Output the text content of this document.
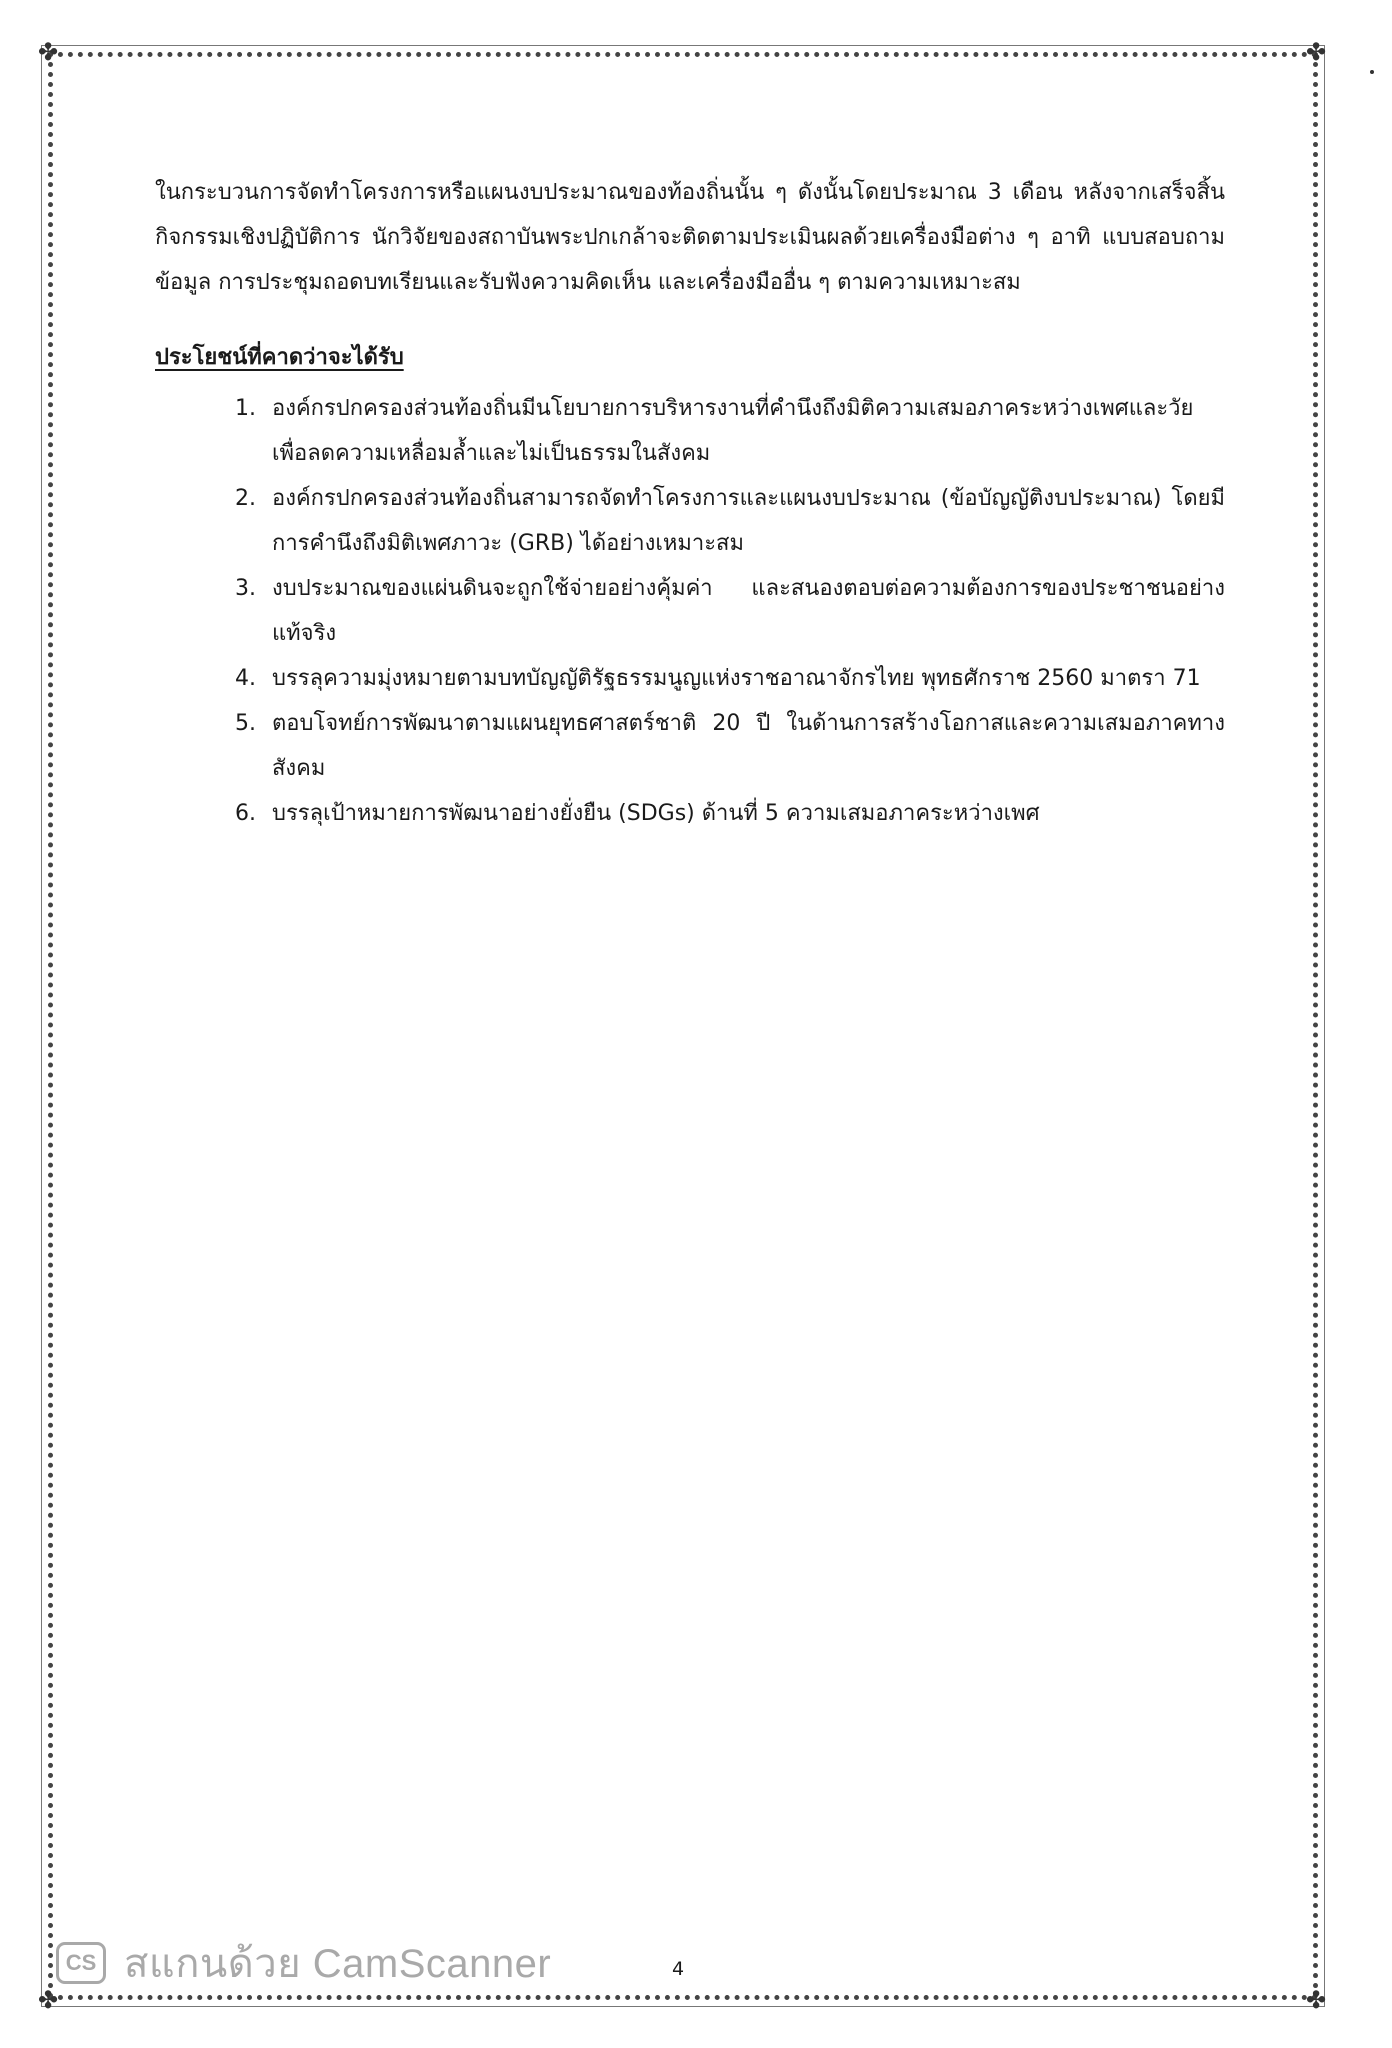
✤	✤
✤	✤

ในกระบวนการจัดทำโครงการหรือแผนงบประมาณของท้องถิ่นนั้น ๆ ดังนั้นโดยประมาณ 3 เดือน หลังจากเสร็จสิ้นกิจกรรมเชิงปฏิบัติการ นักวิจัยของสถาบันพระปกเกล้าจะติดตามประเมินผลด้วยเครื่องมือต่าง ๆ อาทิ แบบสอบถามข้อมูล การประชุมถอดบทเรียนและรับฟังความคิดเห็น และเครื่องมืออื่น ๆ ตามความเหมาะสม

ประโยชน์ที่คาดว่าจะได้รับ

1. องค์กรปกครองส่วนท้องถิ่นมีนโยบายการบริหารงานที่คำนึงถึงมิติความเสมอภาคระหว่างเพศและวัย เพื่อลดความเหลื่อมล้ำและไม่เป็นธรรมในสังคม
2. องค์กรปกครองส่วนท้องถิ่นสามารถจัดทำโครงการและแผนงบประมาณ (ข้อบัญญัติงบประมาณ) โดยมีการคำนึงถึงมิติเพศภาวะ (GRB) ได้อย่างเหมาะสม
3. งบประมาณของแผ่นดินจะถูกใช้จ่ายอย่างคุ้มค่า และสนองตอบต่อความต้องการของประชาชนอย่างแท้จริง
4. บรรลุความมุ่งหมายตามบทบัญญัติรัฐธรรมนูญแห่งราชอาณาจักรไทย พุทธศักราช 2560 มาตรา 71
5. ตอบโจทย์การพัฒนาตามแผนยุทธศาสตร์ชาติ 20 ปี ในด้านการสร้างโอกาสและความเสมอภาคทางสังคม
6. บรรลุเป้าหมายการพัฒนาอย่างยั่งยืน (SDGs) ด้านที่ 5 ความเสมอภาคระหว่างเพศ
CS สแกนด้วย CamScanner	4
